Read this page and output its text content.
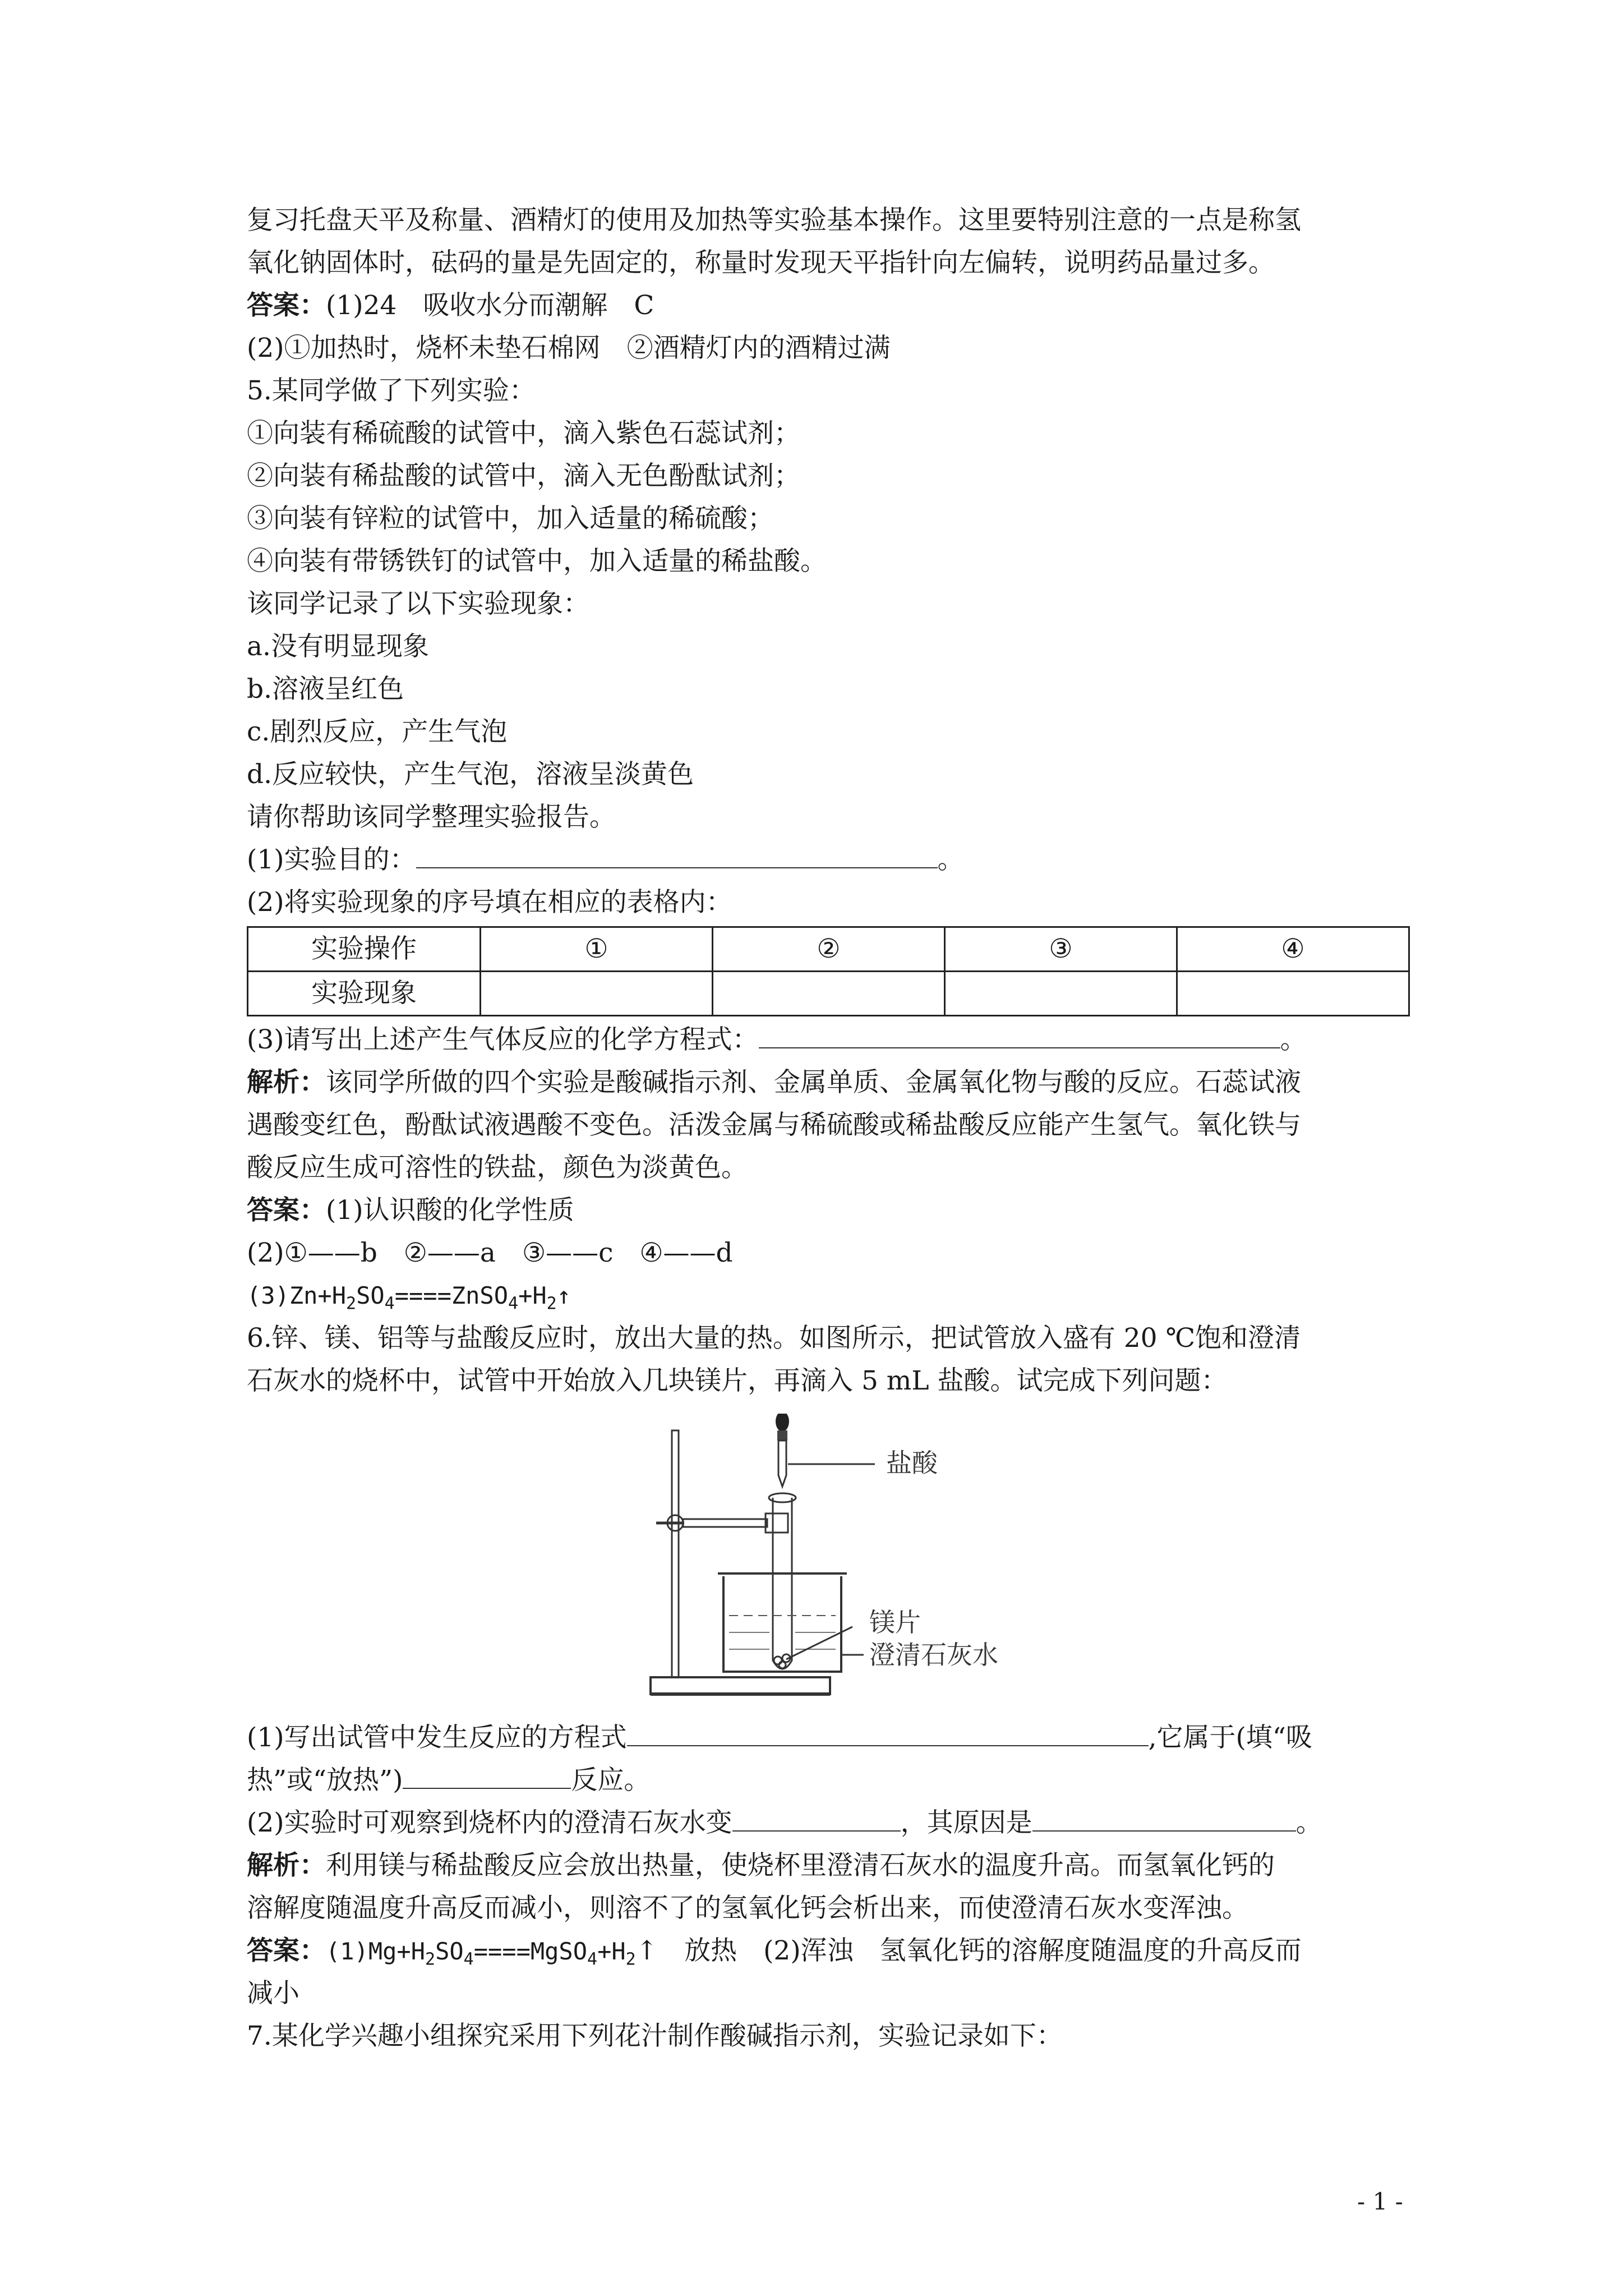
复习托盘天平及称量、酒精灯的使用及加热等实验基本操作。这里要特别注意的一点是称氢
氧化钠固体时，砝码的量是先固定的，称量时发现天平指针向左偏转，说明药品量过多。
答案：(1)24　吸收水分而潮解　C
(2)①加热时，烧杯未垫石棉网　②酒精灯内的酒精过满
5.某同学做了下列实验：
①向装有稀硫酸的试管中，滴入紫色石蕊试剂；
②向装有稀盐酸的试管中，滴入无色酚酞试剂；
③向装有锌粒的试管中，加入适量的稀硫酸；
④向装有带锈铁钉的试管中，加入适量的稀盐酸。
该同学记录了以下实验现象：
a.没有明显现象
b.溶液呈红色
c.剧烈反应，产生气泡
d.反应较快，产生气泡，溶液呈淡黄色
请你帮助该同学整理实验报告。
(1)实验目的：	。
(2)将实验现象的序号填在相应的表格内：
实验操作	①	②	③	④
实验现象				
(3)请写出上述产生气体反应的化学方程式：	。
解析：该同学所做的四个实验是酸碱指示剂、金属单质、金属氧化物与酸的反应。石蕊试液
遇酸变红色，酚酞试液遇酸不变色。活泼金属与稀硫酸或稀盐酸反应能产生氢气。氧化铁与
酸反应生成可溶性的铁盐，颜色为淡黄色。
答案：(1)认识酸的化学性质
(2)①——b　②——a　③——c　④——d
$(3)Zn+H_2SO_4====ZnSO_4+H_2↑$
6.锌、镁、铝等与盐酸反应时，放出大量的热。如图所示，把试管放入盛有 20 ℃饱和澄清
石灰水的烧杯中，试管中开始放入几块镁片，再滴入 5 mL 盐酸。试完成下列问题：
盐酸
镁片
澄清石灰水
(1)写出试管中发生反应的方程式	,它属于(填“吸
热”或“放热”)	反应。
(2)实验时可观察到烧杯内的澄清石灰水变	，其原因是	。
解析：利用镁与稀盐酸反应会放出热量，使烧杯里澄清石灰水的温度升高。而氢氧化钙的
溶解度随温度升高反而减小，则溶不了的氢氧化钙会析出来，而使澄清石灰水变浑浊。
答案：$(1)Mg+H_2SO_4====MgSO_4+H_2↑$　放热　(2)浑浊　氢氧化钙的溶解度随温度的升高反而
减小
7.某化学兴趣小组探究采用下列花汁制作酸碱指示剂，实验记录如下：
- 1 -
